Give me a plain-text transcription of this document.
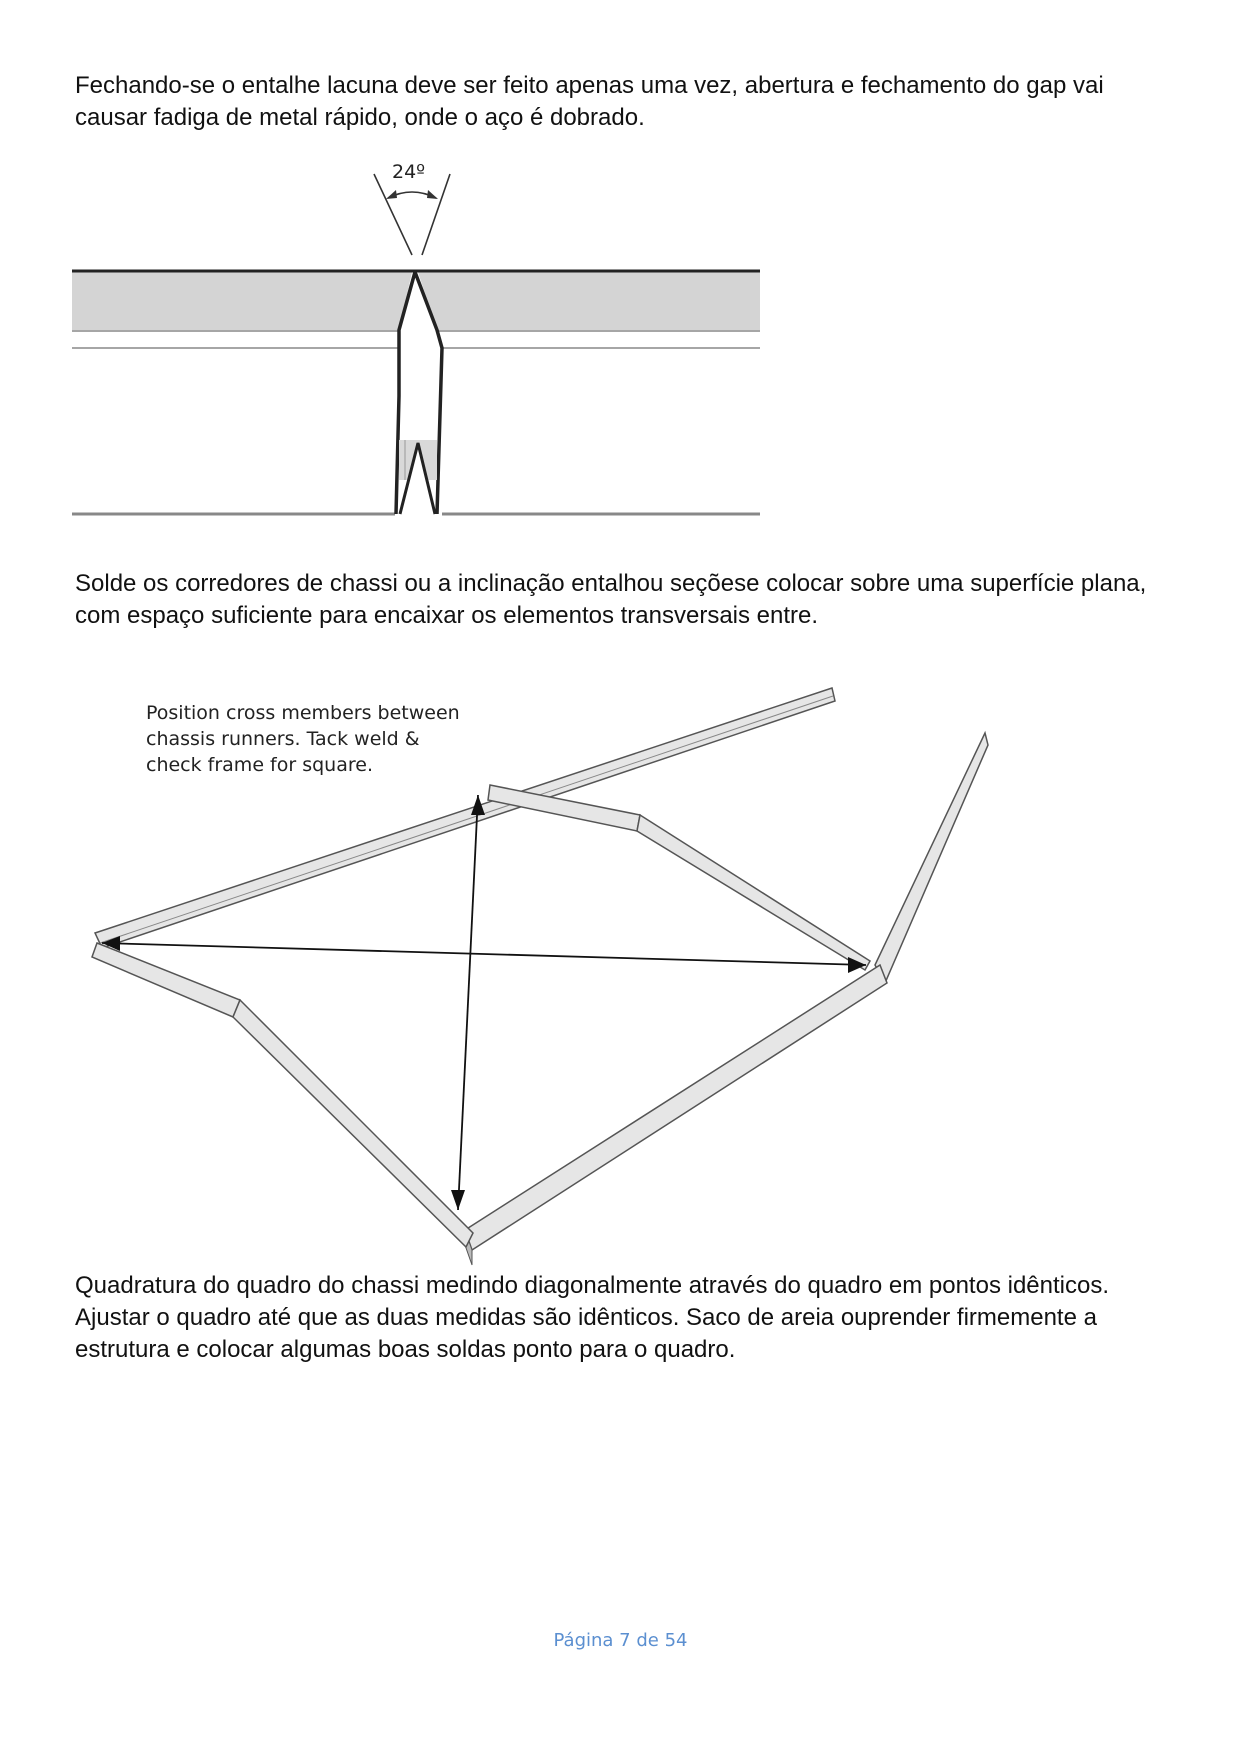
Fechando-se o entalhe lacuna deve ser feito apenas uma vez, abertura e fechamento do gap vai causar fadiga de metal rápido, onde o aço é dobrado.

24º

Solde os corredores de chassi ou a inclinação entalhou seçõese colocar sobre uma superfície plana, com espaço suficiente para encaixar os elementos transversais entre.

Position cross members between
chassis runners. Tack weld &
check frame for square.

Quadratura do quadro do chassi medindo diagonalmente através do quadro em pontos idênticos. Ajustar o quadro até que as duas medidas são idênticos. Saco de areia ouprender firmemente a estrutura e colocar algumas boas soldas ponto para o quadro.

Página 7 de 54
